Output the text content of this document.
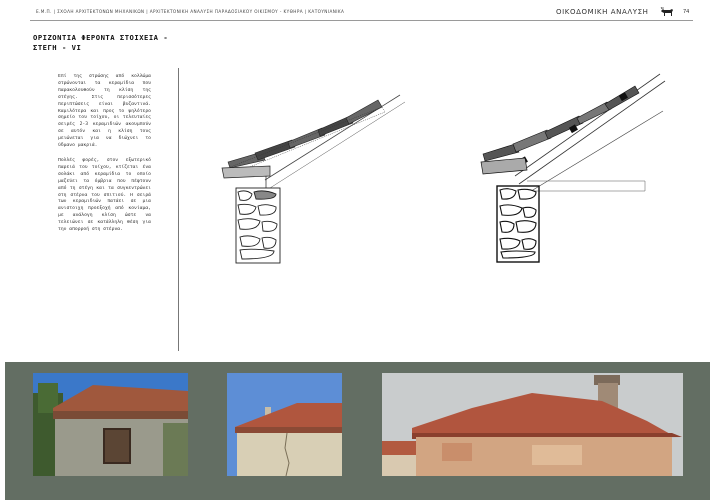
Ε.Μ.Π. | ΣΧΟΛΗ ΑΡΧΙΤΕΚΤΟΝΩΝ ΜΗΧΑΝΙΚΩΝ | ΑΡΧΙΤΕΚΤΟΝΙΚΗ ΑΝΑΛΥΣΗ ΠΑΡΑΔΟΣΙΑΚΟΥ ΟΙΚΙΣΜΟΥ - ΚΥΘΗΡΑ | ΚΑΤΟΥΝΙΑΝΙΚΑ	ΟΙΚΟΔΟΜΙΚΗ ΑΝΑΛΥΣΗ	74
ΟΡΙΖΟΝΤΙΑ ΦΕΡΟΝΤΑ ΣΤΟΙΧΕΙΑ -
ΣΤΕΓΗ - VI
Επί της στρώσης από κολλώμα στρώνονται τα κεραμίδια που παρακολουθούν τη κλίση της στέγης. Στις περισσότερες περιπτώσεις είναι βυζαντινά. Καμιλότερα και προς το ψηλότερο σημείο του τοίχου, οι τελευταίες σειρές 2-3 κεραμιδιών ακουμπούν σε αυτόν και η κλίση τους μειώνεται για να διώχνει το ύδμανο μακριά.
Πολλές φορές, στον εξωτερικό παρειά του τοίχου, κτίζεται ένα σολάκι από κεραμίδια το οποίο μαζεύει τα όμβρια που πέφτουν από τη στέγη και τα συγκεντρώνει στη στέρνα του σπιτιού. Η σειρά των κεραμιδιών πατάει σε μια ανιστοιχη προεξοχή από κονίαμα, με ανάλογη κλίση ώστε να τελειώνει σε κατάλληλη θέση για την απορροή στη στέρνα.
